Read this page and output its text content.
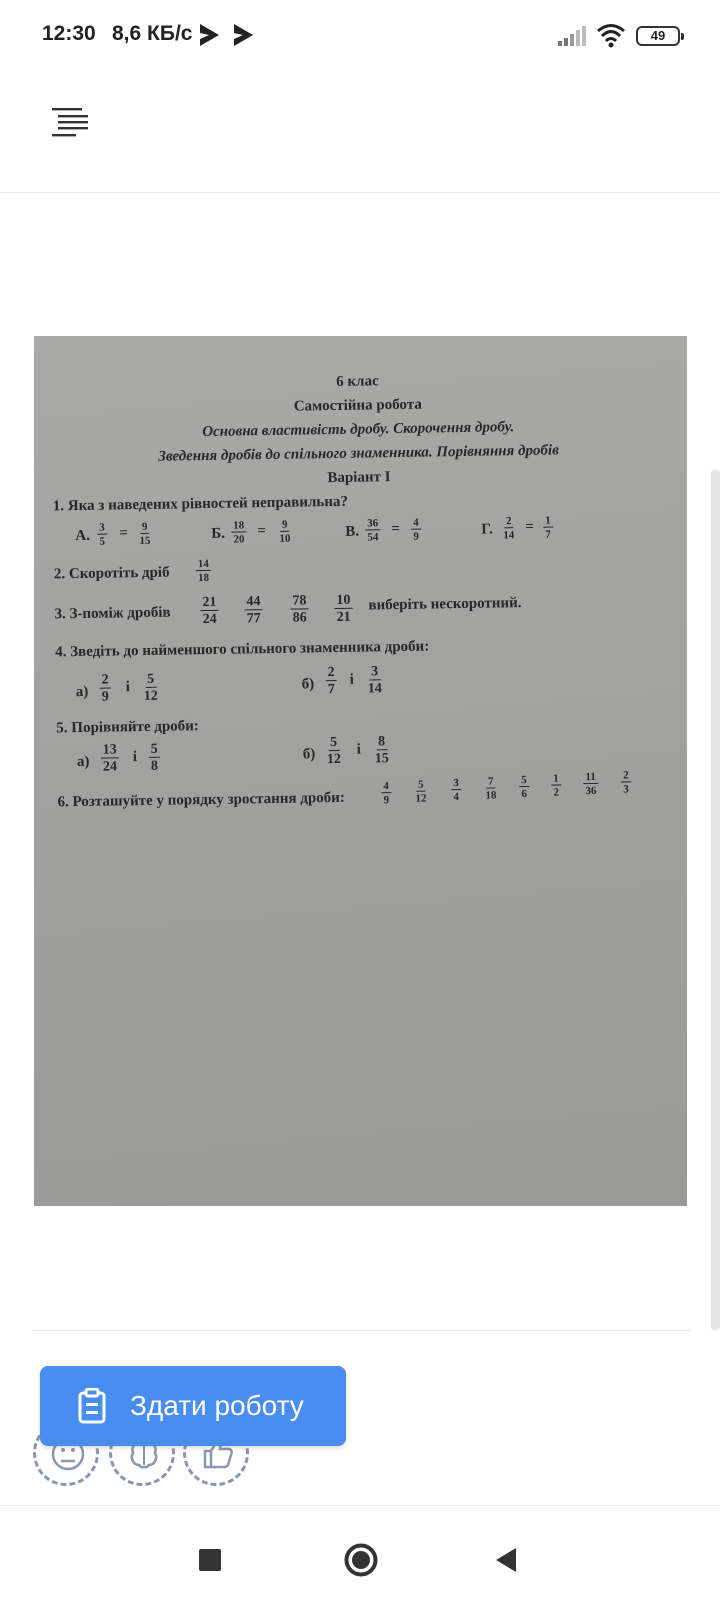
12:30 8,6 КБ/с	49
6 клас
Самостійна робота
Основна властивість дробу. Скорочення дробу.
Зведення дробів до спільного знаменника. Порівняння дробів
Варіант І
1. Яка з наведених рівностей неправильна?
А. $\frac{3}{5} = \frac{9}{15}$	Б. $\frac{18}{20} = \frac{9}{10}$	В. $\frac{36}{54} = \frac{4}{9}$	Г. $\frac{2}{14} = \frac{1}{7}$
2. Скоротіть дріб $\frac{14}{18}$
3. З-поміж дробів $\frac{21}{24} \frac{44}{77} \frac{78}{86} \frac{10}{21}$ виберіть нескоротний.
4. Зведіть до найменшого спільного знаменника дроби:
$а) \frac{2}{9}$ і $\frac{5}{12}$	$б) \frac{2}{7}$ і $\frac{3}{14}$
5. Порівняйте дроби:
$а) \frac{13}{24}$ і $\frac{5}{8}$	$б) \frac{5}{12}$ і $\frac{8}{15}$
6. Розташуйте у порядку зростання дроби:	$\frac{4}{9} \frac{5}{12} \frac{3}{4} \frac{7}{18} \frac{5}{6} \frac{1}{2} \frac{11}{36} \frac{2}{3}$
Здати роботу
